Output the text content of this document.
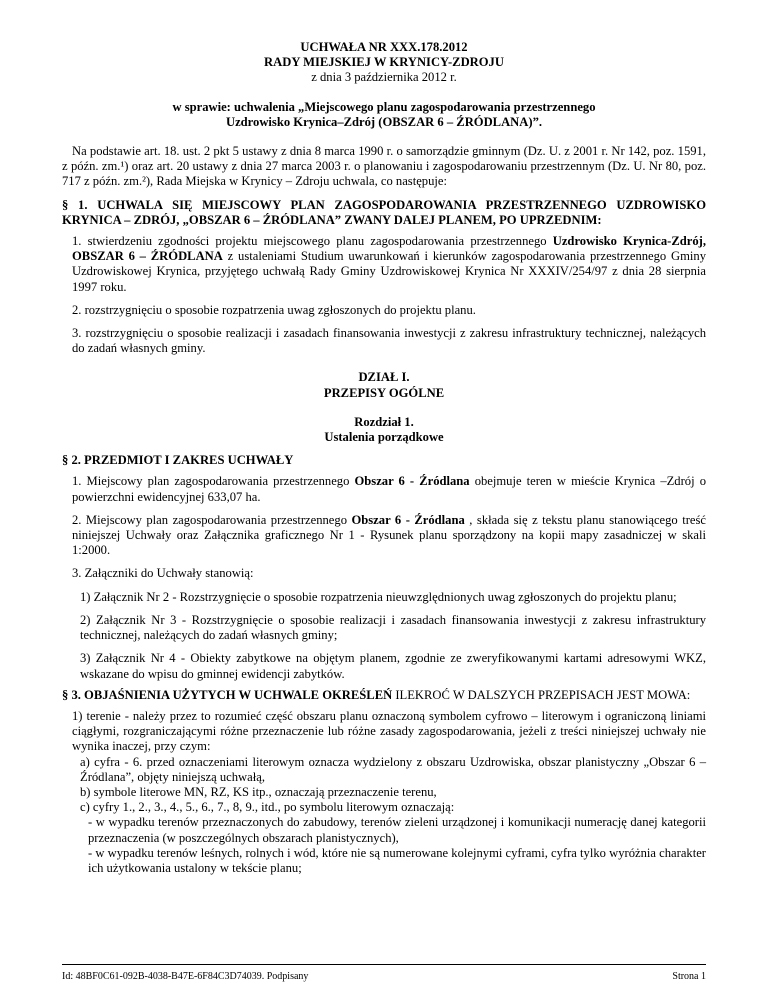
UCHWAŁA NR XXX.178.2012

RADY MIEJSKIEJ W KRYNICY-ZDROJU

z dnia 3 października 2012 r.

w sprawie: uchwalenia „Miejscowego planu zagospodarowania przestrzennego

Uzdrowisko Krynica–Zdrój (OBSZAR 6 – ŹRÓDLANA)”.

Na podstawie art. 18. ust. 2 pkt 5 ustawy z dnia 8 marca 1990 r. o samorządzie gminnym (Dz. U. z 2001 r. Nr 142, poz. 1591, z późn. zm.¹) oraz art. 20 ustawy z dnia 27 marca 2003 r. o planowaniu i zagospodarowaniu przestrzennym (Dz. U. Nr 80, poz. 717 z późn. zm.²), Rada Miejska w Krynicy – Zdroju uchwala, co następuje:

§ 1. UCHWALA SIĘ MIEJSCOWY PLAN ZAGOSPODAROWANIA PRZESTRZENNEGO UZDROWISKO KRYNICA – ZDRÓJ, „OBSZAR 6 – ŹRÓDLANA” ZWANY DALEJ PLANEM, PO UPRZEDNIM:

1. stwierdzeniu zgodności projektu miejscowego planu zagospodarowania przestrzennego Uzdrowisko Krynica-Zdrój, OBSZAR 6 – ŹRÓDLANA z ustaleniami Studium uwarunkowań i kierunków zagospodarowania przestrzennego Gminy Uzdrowiskowej Krynica, przyjętego uchwałą Rady Gminy Uzdrowiskowej Krynica Nr XXXIV/254/97 z dnia 28 sierpnia 1997 roku.

2. rozstrzygnięciu o sposobie rozpatrzenia uwag zgłoszonych do projektu planu.

3. rozstrzygnięciu o sposobie realizacji i zasadach finansowania inwestycji z zakresu infrastruktury technicznej, należących do zadań własnych gminy.

DZIAŁ I.

PRZEPISY OGÓLNE

Rozdział 1.

Ustalenia porządkowe

§ 2. PRZEDMIOT I ZAKRES UCHWAŁY

1. Miejscowy plan zagospodarowania przestrzennego Obszar 6 - Źródlana obejmuje teren w mieście Krynica –Zdrój o powierzchni ewidencyjnej 633,07 ha.

2. Miejscowy plan zagospodarowania przestrzennego Obszar 6 - Źródlana , składa się z tekstu planu stanowiącego treść niniejszej Uchwały oraz Załącznika graficznego Nr 1 - Rysunek planu sporządzony na kopii mapy zasadniczej w skali 1:2000.

3. Załączniki do Uchwały stanowią:

1) Załącznik Nr 2 - Rozstrzygnięcie o sposobie rozpatrzenia nieuwzględnionych uwag zgłoszonych do projektu planu;

2) Załącznik Nr 3 - Rozstrzygnięcie o sposobie realizacji i zasadach finansowania inwestycji z zakresu infrastruktury technicznej, należących do zadań własnych gminy;

3) Załącznik Nr 4 - Obiekty zabytkowe na objętym planem, zgodnie ze zweryfikowanymi kartami adresowymi WKZ, wskazane do wpisu do gminnej ewidencji zabytków.

§ 3. OBJAŚNIENIA UŻYTYCH W UCHWALE OKREŚLEŃ ILEKROĆ W DALSZYCH PRZEPISACH JEST MOWA:

1) terenie - należy przez to rozumieć część obszaru planu oznaczoną symbolem cyfrowo – literowym i ograniczoną liniami ciągłymi, rozgraniczającymi różne przeznaczenie lub różne zasady zagospodarowania, jeżeli z treści niniejszej uchwały nie wynika inaczej, przy czym:

a) cyfra - 6. przed oznaczeniami literowym oznacza wydzielony z obszaru Uzdrowiska, obszar planistyczny „Obszar 6 – Źródlana”, objęty niniejszą uchwałą,

b) symbole literowe MN, RZ, KS itp., oznaczają przeznaczenie terenu,

c) cyfry 1., 2., 3., 4., 5., 6., 7., 8, 9., itd., po symbolu literowym oznaczają:

- w wypadku terenów przeznaczonych do zabudowy, terenów zieleni urządzonej i komunikacji numerację danej kategorii przeznaczenia (w poszczególnych obszarach planistycznych),

- w wypadku terenów leśnych, rolnych i wód, które nie są numerowane kolejnymi cyframi, cyfra tylko wyróżnia charakter ich użytkowania ustalony w tekście planu;

Id: 48BF0C61-092B-4038-B47E-6F84C3D74039. Podpisany	Strona 1
